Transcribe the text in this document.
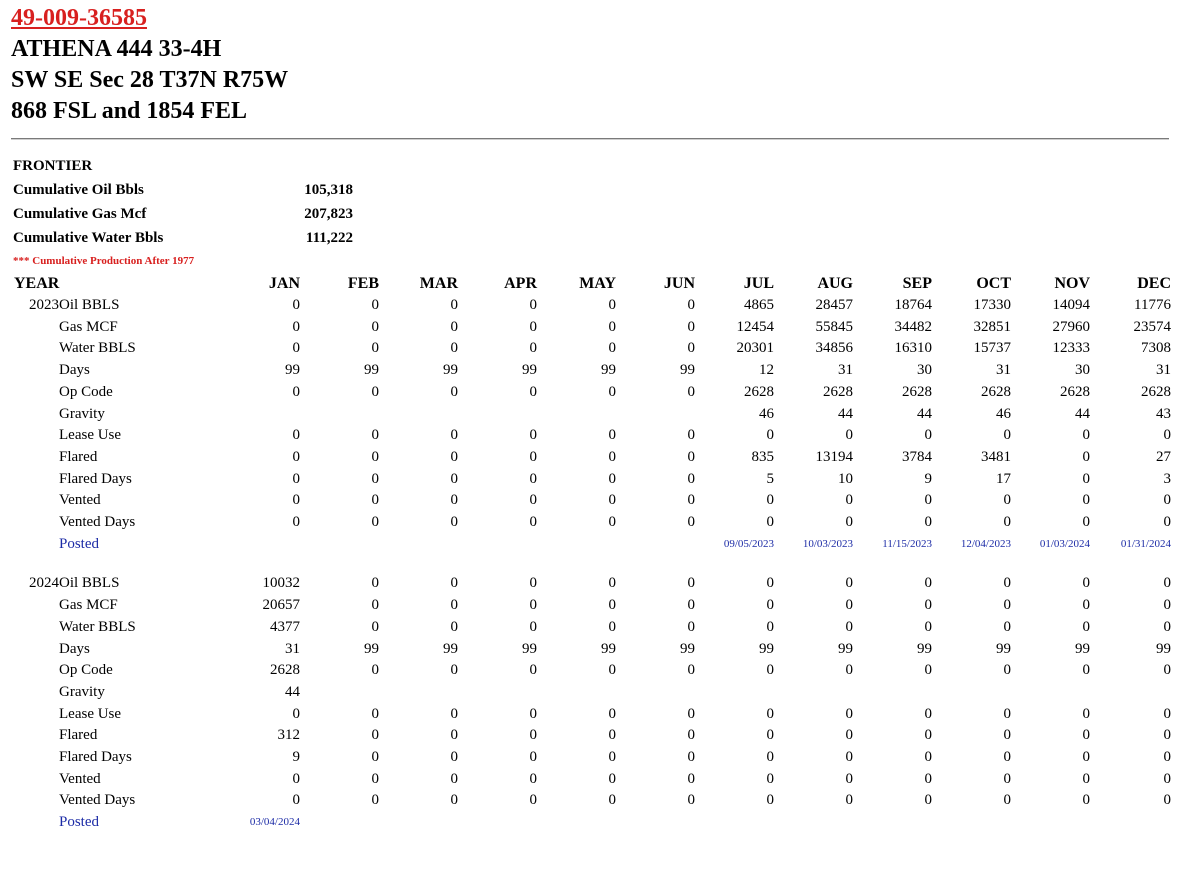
49-009-36585
ATHENA 444 33-4H
SW SE Sec 28 T37N R75W
868 FSL and 1854 FEL
FRONTIER
Cumulative Oil Bbls	105,318
Cumulative Gas Mcf	207,823
Cumulative Water Bbls	111,222
*** Cumulative Production After 1977
YEAR		JAN	FEB	MAR	APR	MAY	JUN	JUL	AUG	SEP	OCT	NOV	DEC
2023	Oil BBLS	0	0	0	0	0	0	4865	28457	18764	17330	14094	11776
	Gas MCF	0	0	0	0	0	0	12454	55845	34482	32851	27960	23574
	Water BBLS	0	0	0	0	0	0	20301	34856	16310	15737	12333	7308
	Days	99	99	99	99	99	99	12	31	30	31	30	31
	Op Code	0	0	0	0	0	0	2628	2628	2628	2628	2628	2628
	Gravity							46	44	44	46	44	43
	Lease Use	0	0	0	0	0	0	0	0	0	0	0	0
	Flared	0	0	0	0	0	0	835	13194	3784	3481	0	27
	Flared Days	0	0	0	0	0	0	5	10	9	17	0	3
	Vented	0	0	0	0	0	0	0	0	0	0	0	0
	Vented Days	0	0	0	0	0	0	0	0	0	0	0	0
	Posted							09/05/2023	10/03/2023	11/15/2023	12/04/2023	01/03/2024	01/31/2024

2024	Oil BBLS	10032	0	0	0	0	0	0	0	0	0	0	0
	Gas MCF	20657	0	0	0	0	0	0	0	0	0	0	0
	Water BBLS	4377	0	0	0	0	0	0	0	0	0	0	0
	Days	31	99	99	99	99	99	99	99	99	99	99	99
	Op Code	2628	0	0	0	0	0	0	0	0	0	0	0
	Gravity	44											
	Lease Use	0	0	0	0	0	0	0	0	0	0	0	0
	Flared	312	0	0	0	0	0	0	0	0	0	0	0
	Flared Days	9	0	0	0	0	0	0	0	0	0	0	0
	Vented	0	0	0	0	0	0	0	0	0	0	0	0
	Vented Days	0	0	0	0	0	0	0	0	0	0	0	0
	Posted	03/04/2024											
